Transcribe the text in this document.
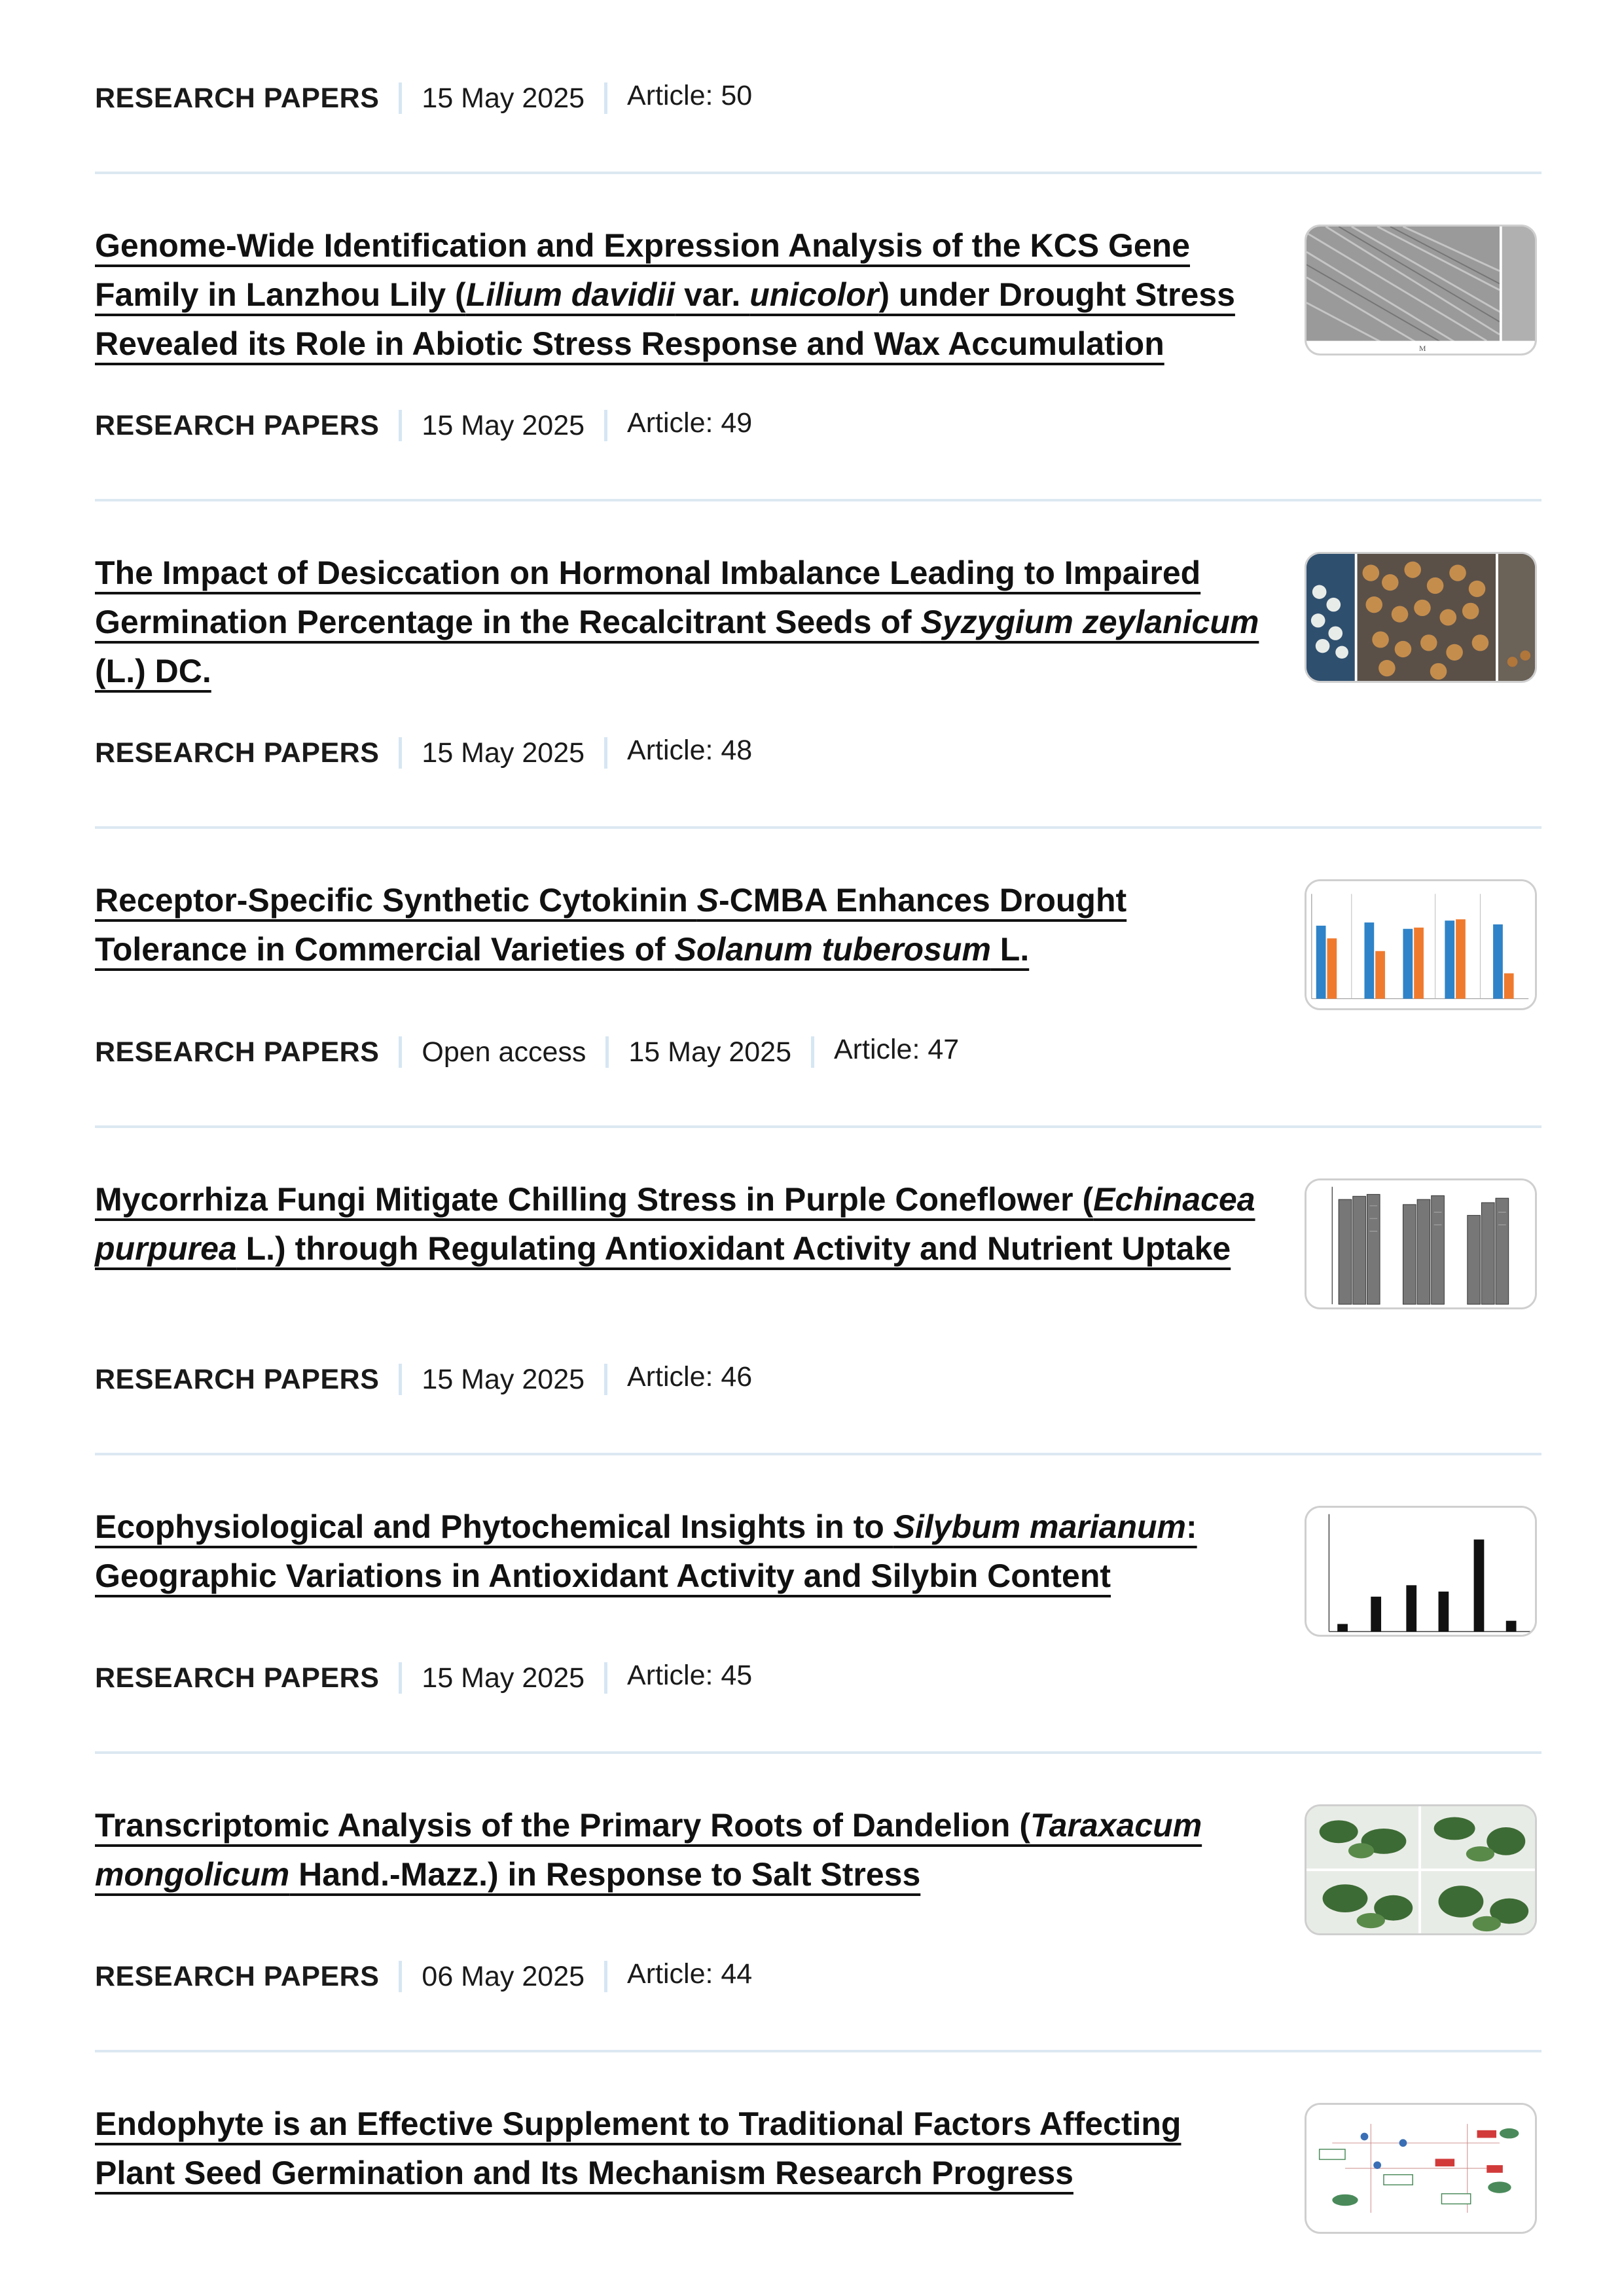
RESEARCH PAPERS 15 May 2025 Article: 50
Genome-Wide Identification and Expression Analysis of the KCS Gene Family in Lanzhou Lily (Lilium davidii var. unicolor) under Drought Stress Revealed its Role in Abiotic Stress Response and Wax Accumulation	M
RESEARCH PAPERS 15 May 2025 Article: 49
The Impact of Desiccation on Hormonal Imbalance Leading to Impaired Germination Percentage in the Recalcitrant Seeds of Syzygium zeylanicum (L.) DC.
RESEARCH PAPERS 15 May 2025 Article: 48
Receptor-Specific Synthetic Cytokinin S-CMBA Enhances Drought Tolerance in Commercial Varieties of Solanum tuberosum L.
RESEARCH PAPERS Open access 15 May 2025 Article: 47
Mycorrhiza Fungi Mitigate Chilling Stress in Purple Coneflower (Echinacea purpurea L.) through Regulating Antioxidant Activity and Nutrient Uptake
RESEARCH PAPERS 15 May 2025 Article: 46
Ecophysiological and Phytochemical Insights in to Silybum marianum: Geographic Variations in Antioxidant Activity and Silybin Content
RESEARCH PAPERS 15 May 2025 Article: 45
Transcriptomic Analysis of the Primary Roots of Dandelion (Taraxacum mongolicum Hand.-Mazz.) in Response to Salt Stress
RESEARCH PAPERS 06 May 2025 Article: 44
Endophyte is an Effective Supplement to Traditional Factors Affecting Plant Seed Germination and Its Mechanism Research Progress
